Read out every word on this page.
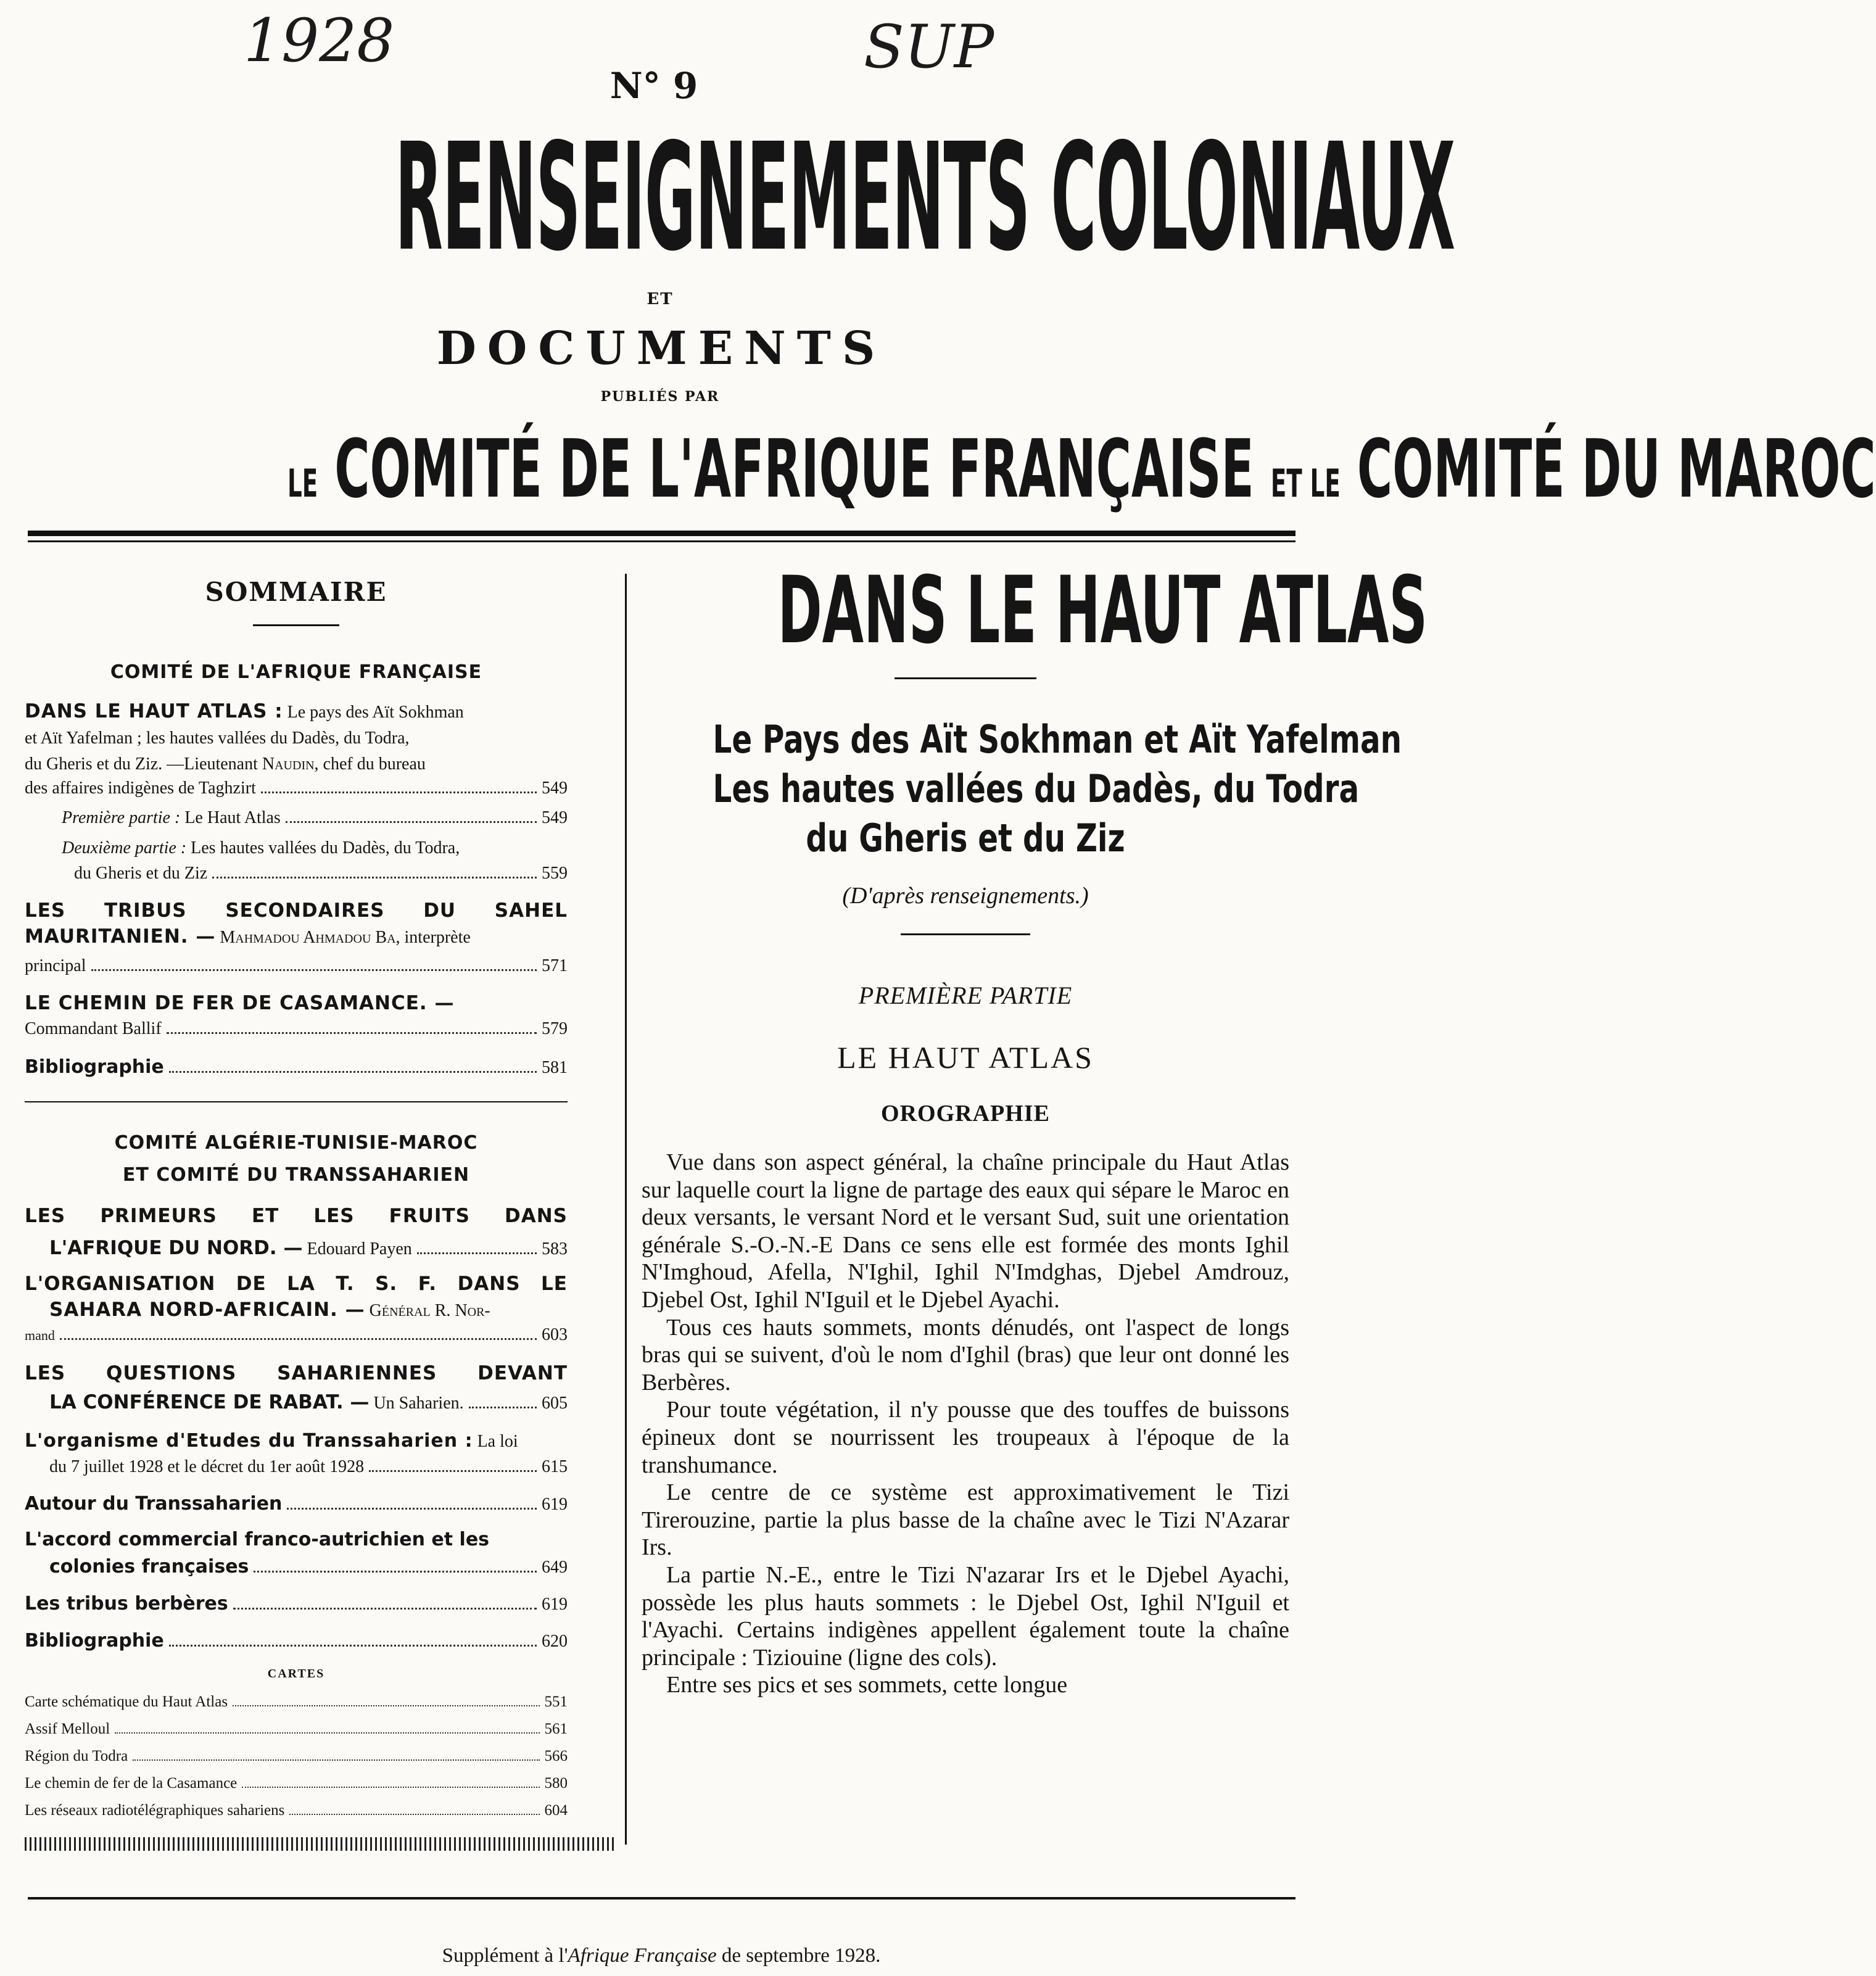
1928	SUP
N° 9
RENSEIGNEMENTS COLONIAUX
ET
DOCUMENTS
PUBLIÉS PAR
LE COMITÉ DE L'AFRIQUE FRANÇAISE ET LE COMITÉ DU MAROC
SOMMAIRE
COMITÉ DE L'AFRIQUE FRANÇAISE
DANS LE HAUT ATLAS : Le pays des Aït Sokhman
et Aït Yafelman ; les hautes vallées du Dadès, du Todra,
du Gheris et du Ziz. —Lieutenant Naudin, chef du bureau
des affaires indigènes de Taghzirt	549
Première partie : Le Haut Atlas	549
Deuxième partie : Les hautes vallées du Dadès, du Todra,
du Gheris et du Ziz	559
LES TRIBUS SECONDAIRES DU SAHEL
MAURITANIEN. — Mahmadou Ahmadou Ba, interprète
principal	571
LE CHEMIN DE FER DE CASAMANCE. —
Commandant Ballif	579
Bibliographie	581
COMITÉ ALGÉRIE-TUNISIE-MAROC
ET COMITÉ DU TRANSSAHARIEN
LES PRIMEURS ET LES FRUITS DANS
L'AFRIQUE DU NORD. — Edouard Payen	583
L'ORGANISATION DE LA T. S. F. DANS LE
SAHARA NORD-AFRICAIN. — Général R. Nor-
mand	603
LES QUESTIONS SAHARIENNES DEVANT
LA CONFÉRENCE DE RABAT. — Un Saharien.	605
L'organisme d'Etudes du Transsaharien : La loi
du 7 juillet 1928 et le décret du 1er août 1928	615
Autour du Transsaharien	619
L'accord commercial franco-autrichien et les
colonies françaises	649
Les tribus berbères	619
Bibliographie	620
CARTES
Carte schématique du Haut Atlas	551
Assif Melloul	561
Région du Todra	566
Le chemin de fer de la Casamance	580
Les réseaux radiotélégraphiques sahariens	604
DANS LE HAUT ATLAS
Le Pays des Aït Sokhman et Aït Yafelman
Les hautes vallées du Dadès, du Todra
du Gheris et du Ziz
(D'après renseignements.)
PREMIÈRE PARTIE
LE HAUT ATLAS
OROGRAPHIE

Vue dans son aspect général, la chaîne principale du Haut Atlas sur laquelle court la ligne de partage des eaux qui sépare le Maroc en deux versants, le versant Nord et le versant Sud, suit une orientation générale S.-O.-N.-E Dans ce sens elle est formée des monts Ighil N'Imghoud, Afella, N'Ighil, Ighil N'Imdghas, Djebel Amdrouz, Djebel Ost, Ighil N'Iguil et le Djebel Ayachi.

Tous ces hauts sommets, monts dénudés, ont l'aspect de longs bras qui se suivent, d'où le nom d'Ighil (bras) que leur ont donné les Berbères.

Pour toute végétation, il n'y pousse que des touffes de buissons épineux dont se nourrissent les troupeaux à l'époque de la transhumance.

Le centre de ce système est approximativement le Tizi Tirerouzine, partie la plus basse de la chaîne avec le Tizi N'Azarar Irs.

La partie N.-E., entre le Tizi N'azarar Irs et le Djebel Ayachi, possède les plus hauts sommets : le Djebel Ost, Ighil N'Iguil et l'Ayachi. Certains indigènes appellent également toute la chaîne principale : Tiziouine (ligne des cols).

Entre ses pics et ses sommets, cette longue

Supplément à l'Afrique Française de septembre 1928.
